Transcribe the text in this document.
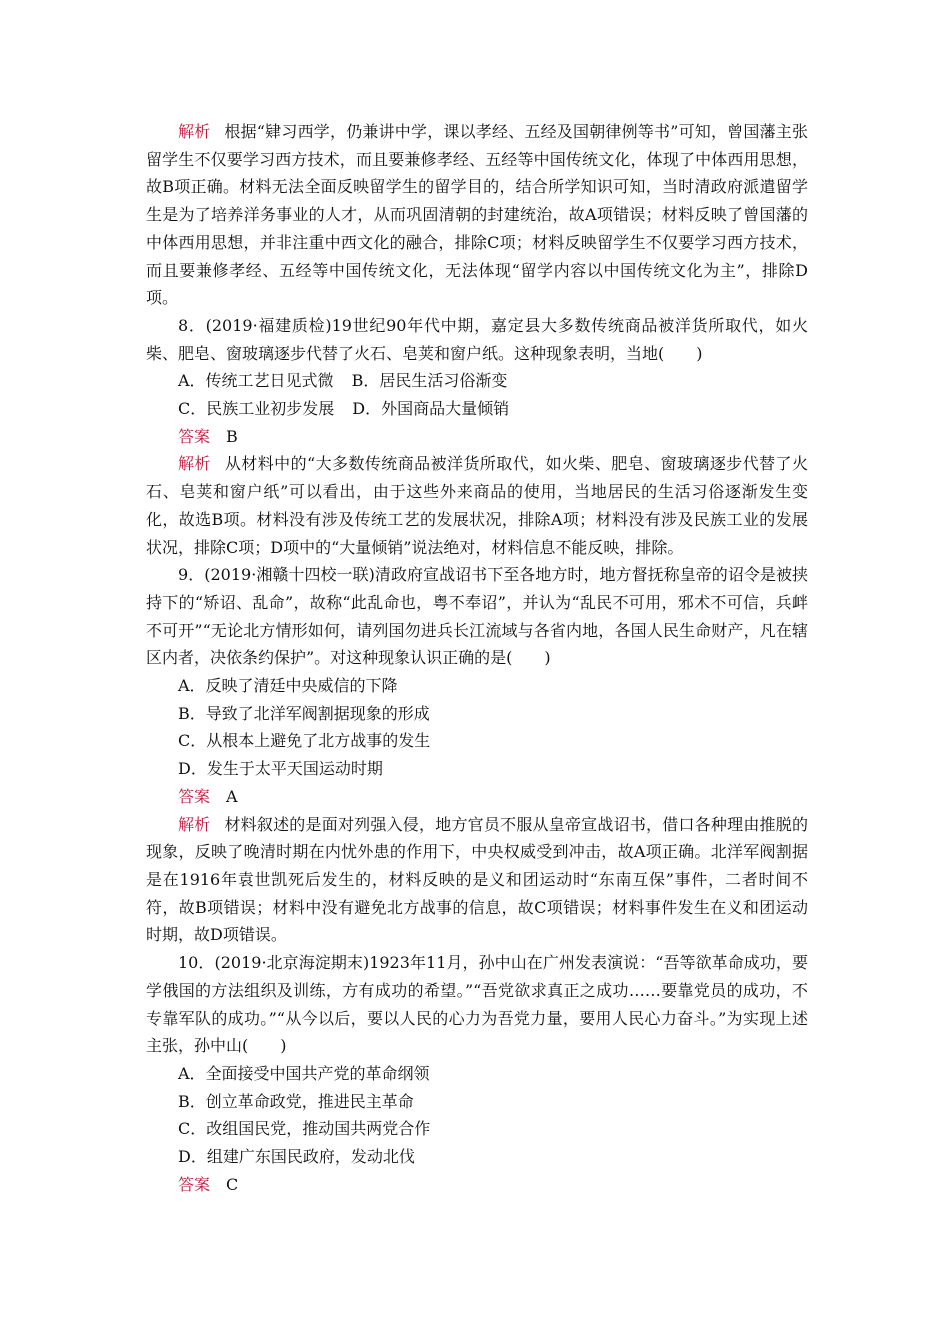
解析 根据“肄习西学，仍兼讲中学，课以孝经、五经及国朝律例等书”可知，曾国藩主张留学生不仅要学习西方技术，而且要兼修孝经、五经等中国传统文化，体现了中体西用思想，故B项正确。材料无法全面反映留学生的留学目的，结合所学知识可知，当时清政府派遣留学生是为了培养洋务事业的人才，从而巩固清朝的封建统治，故A项错误；材料反映了曾国藩的中体西用思想，并非注重中西文化的融合，排除C项；材料反映留学生不仅要学习西方技术，而且要兼修孝经、五经等中国传统文化，无法体现“留学内容以中国传统文化为主”，排除D项。

8．(2019·福建质检)19世纪90年代中期，嘉定县大多数传统商品被洋货所取代，如火柴、肥皂、窗玻璃逐步代替了火石、皂荚和窗户纸。这种现象表明，当地(　　)

A．传统工艺日见式微 B．居民生活习俗渐变

C．民族工业初步发展 D．外国商品大量倾销

答案 B

解析 从材料中的“大多数传统商品被洋货所取代，如火柴、肥皂、窗玻璃逐步代替了火石、皂荚和窗户纸”可以看出，由于这些外来商品的使用，当地居民的生活习俗逐渐发生变化，故选B项。材料没有涉及传统工艺的发展状况，排除A项；材料没有涉及民族工业的发展状况，排除C项；D项中的“大量倾销”说法绝对，材料信息不能反映，排除。

9．(2019·湘赣十四校一联)清政府宣战诏书下至各地方时，地方督抚称皇帝的诏令是被挟持下的“矫诏、乱命”，故称“此乱命也，粤不奉诏”，并认为“乱民不可用，邪术不可信，兵衅不可开”“无论北方情形如何，请列国勿进兵长江流域与各省内地，各国人民生命财产，凡在辖区内者，决依条约保护”。对这种现象认识正确的是(　　)

A．反映了清廷中央威信的下降

B．导致了北洋军阀割据现象的形成

C．从根本上避免了北方战事的发生

D．发生于太平天国运动时期

答案 A

解析 材料叙述的是面对列强入侵，地方官员不服从皇帝宣战诏书，借口各种理由推脱的现象，反映了晚清时期在内忧外患的作用下，中央权威受到冲击，故A项正确。北洋军阀割据是在1916年袁世凯死后发生的，材料反映的是义和团运动时“东南互保”事件，二者时间不符，故B项错误；材料中没有避免北方战事的信息，故C项错误；材料事件发生在义和团运动时期，故D项错误。

10．(2019·北京海淀期末)1923年11月，孙中山在广州发表演说：“吾等欲革命成功，要学俄国的方法组织及训练，方有成功的希望。”“吾党欲求真正之成功……要靠党员的成功，不专靠军队的成功。”“从今以后，要以人民的心力为吾党力量，要用人民心力奋斗。”为实现上述主张，孙中山(　　)

A．全面接受中国共产党的革命纲领

B．创立革命政党，推进民主革命

C．改组国民党，推动国共两党合作

D．组建广东国民政府，发动北伐

答案 C
